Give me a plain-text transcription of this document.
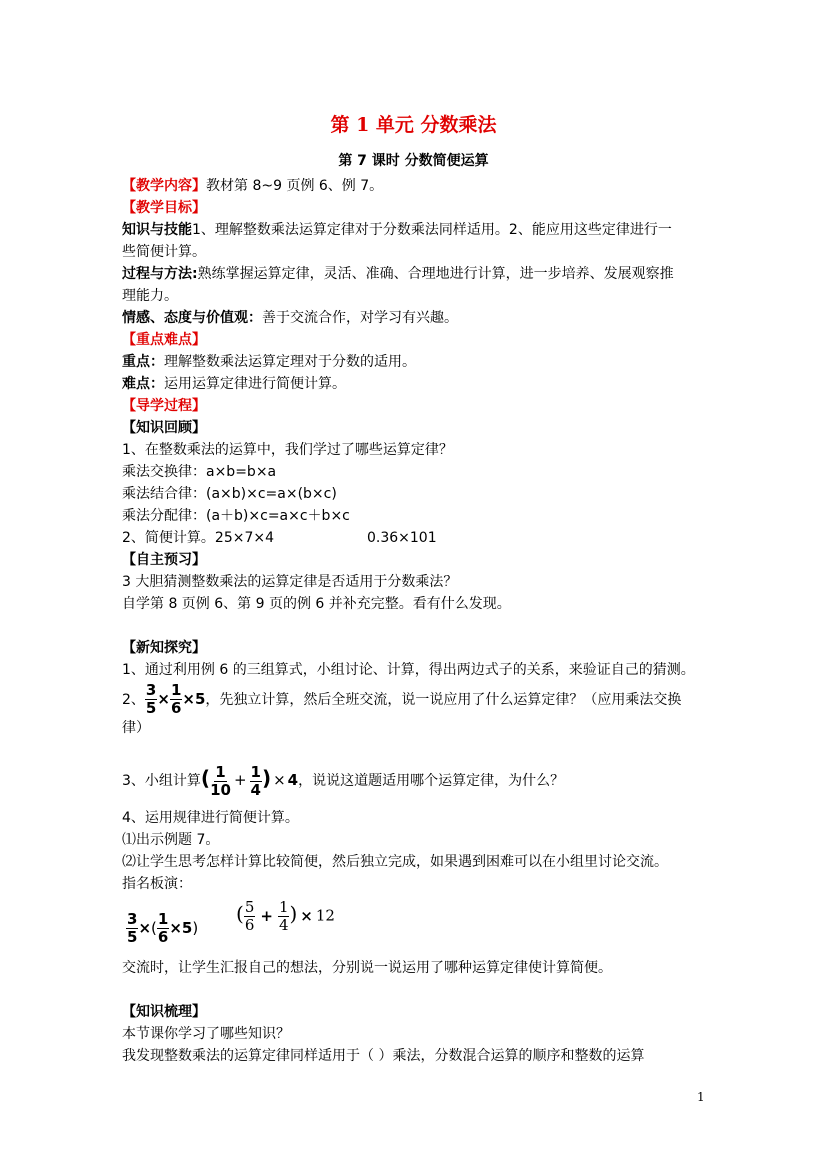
第 1 单元 分数乘法
第 7 课时 分数简便运算
【教学内容】教材第 8~9 页例 6、例 7。
【教学目标】
知识与技能1、理解整数乘法运算定律对于分数乘法同样适用。2、能应用这些定律进行一
些简便计算。
过程与方法:熟练掌握运算定律，灵活、准确、合理地进行计算，进一步培养、发展观察推
理能力。
情感、态度与价值观：善于交流合作，对学习有兴趣。
【重点难点】
重点：理解整数乘法运算定理对于分数的适用。
难点：运用运算定律进行简便计算。
【导学过程】
【知识回顾】
1、在整数乘法的运算中，我们学过了哪些运算定律？
乘法交换律：a×b=b×a
乘法结合律：(a×b)×c=a×(b×c)
乘法分配律：(a＋b)×c=a×c＋b×c
2、简便计算。25×7×4	0.36×101
【自主预习】
3 大胆猜测整数乘法的运算定律是否适用于分数乘法？
自学第 8 页例 6、第 9 页的例 6 并补充完整。看有什么发现。
【新知探究】
1、通过利用例 6 的三组算式，小组讨论、计算，得出两边式子的关系，来验证自己的猜测。
2、 $\frac{3}{5} \times \frac{1}{6} \times 5$，先独立计算，然后全班交流，说一说应用了什么运算定律？（应用乘法交换
律）
3、小组计算( $\frac{1}{10} + \frac{1}{4}$ ) × 4，说说这道题适用哪个运算定律，为什么？
4、运用规律进行简便计算。
⑴出示例题 7。
⑵让学生思考怎样计算比较简便，然后独立完成，如果遇到困难可以在小组里讨论交流。
指名板演：
$\frac{3}{5}$ ×( $\frac{1}{6} \times 5$)
( $\frac{5}{6} + \frac{1}{4}$ ) × 12
交流时，让学生汇报自己的想法，分别说一说运用了哪种运算定律使计算简便。
【知识梳理】
本节课你学习了哪些知识？
我发现整数乘法的运算定律同样适用于（ ）乘法，分数混合运算的顺序和整数的运算
1
